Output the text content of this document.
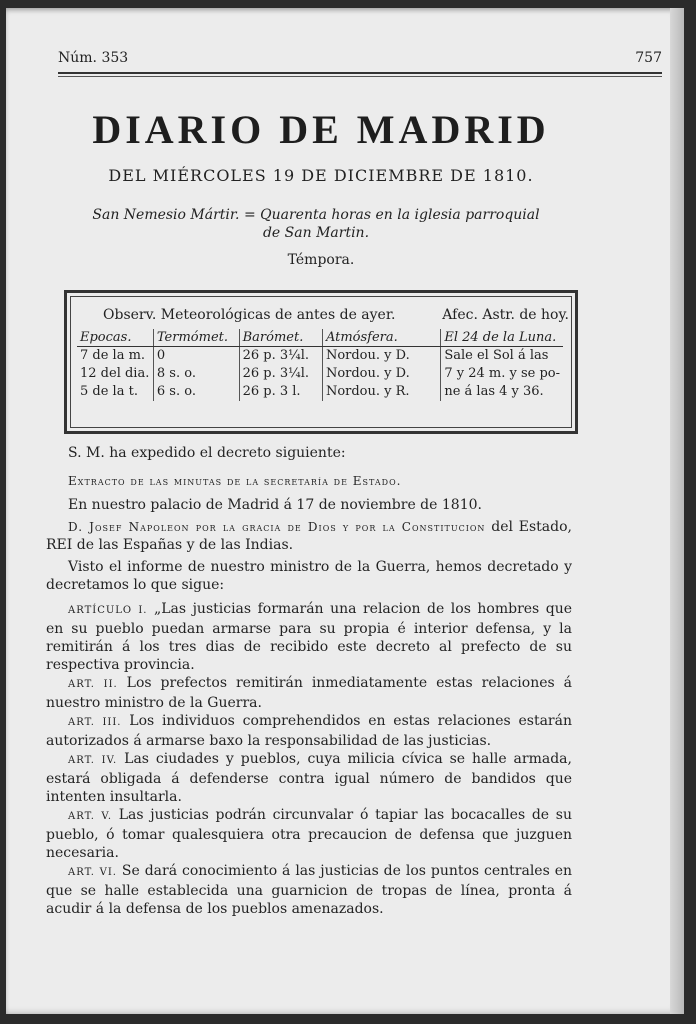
Núm. 353	757
DIARIO DE MADRID
DEL MIÉRCOLES 19 DE DICIEMBRE DE 1810.
San Nemesio Mártir. = Quarenta horas en la iglesia parroquial
de San Martin.
Témpora.
Observ. Meteorológicas de antes de ayer.	Afec. Astr. de hoy.
Epocas.	Termómet.	Barómet.	Atmósfera.	El 24 de la Luna.
7 de la m.	0	26 p. 3¼l.	Nordou. y D.	Sale el Sol á las
12 del dia.	8 s. o.	26 p. 3¼l.	Nordou. y D.	7 y 24 m. y se po-
5 de la t.	6 s. o.	26 p. 3 l.	Nordou. y R.	ne á las 4 y 36.

S. M. ha expedido el decreto siguiente:

Extracto de las minutas de la secretaría de Estado.

En nuestro palacio de Madrid á 17 de noviembre de 1810.

D. Josef Napoleon por la gracia de Dios y por la Constitucion del Estado, REI de las Españas y de las Indias.

Visto el informe de nuestro ministro de la Guerra, hemos decretado y decretamos lo que sigue:

ARTÍCULO I. „Las justicias formarán una relacion de los hombres que en su pueblo puedan armarse para su propia é interior defensa, y la remitirán á los tres dias de recibido este decreto al prefecto de su respectiva provincia.

ART. II. Los prefectos remitirán inmediatamente estas relaciones á nuestro ministro de la Guerra.

ART. III. Los individuos comprehendidos en estas relaciones estarán autorizados á armarse baxo la responsabilidad de las justicias.

ART. IV. Las ciudades y pueblos, cuya milicia cívica se halle armada, estará obligada á defenderse contra igual número de bandidos que intenten insultarla.

ART. V. Las justicias podrán circunvalar ó tapiar las bocacalles de su pueblo, ó tomar qualesquiera otra precaucion de defensa que juzguen necesaria.

ART. VI. Se dará conocimiento á las justicias de los puntos centrales en que se halle establecida una guarnicion de tropas de línea, pronta á acudir á la defensa de los pueblos amenazados.
